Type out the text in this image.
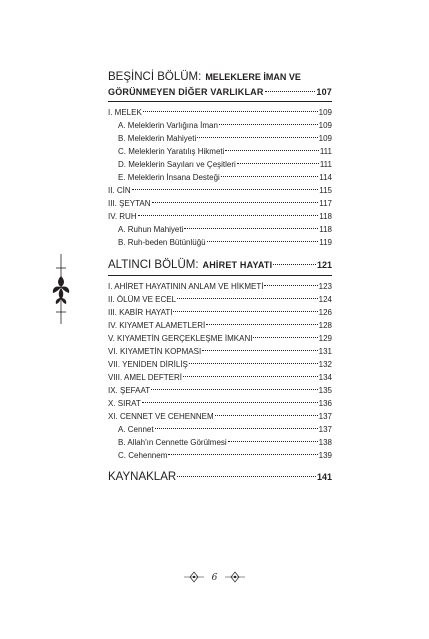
BEŞİNCİ BÖLÜM: MELEKLERE İMAN VE
GÖRÜNMEYEN DİĞER VARLIKLAR	107
I. MELEK	109
A. Meleklerin Varlığına İman	109
B. Meleklerin Mahiyeti	109
C. Meleklerin Yaratılış Hikmeti	111
D. Meleklerin Sayıları ve Çeşitleri	111
E. Meleklerin İnsana Desteği	114
II. CİN	115
III. ŞEYTAN	117
IV. RUH	118
A. Ruhun Mahiyeti	118
B. Ruh-beden Bütünlüğü	119
ALTINCI BÖLÜM: AHİRET HAYATI	121
I. AHİRET HAYATININ ANLAM VE HİKMETİ	123
II. ÖLÜM VE ECEL	124
III. KABİR HAYATI	126
IV. KIYAMET ALAMETLERİ	128
V. KIYAMETİN GERÇEKLEŞME İMKANI	129
VI. KIYAMETİN KOPMASI	131
VII. YENİDEN DİRİLİŞ	132
VIII. AMEL DEFTERİ	134
IX. ŞEFAAT	135
X. SIRAT	136
XI. CENNET VE CEHENNEM	137
A. Cennet	137
B. Allah'ın Cennette Görülmesi	138
C. Cehennem	139
KAYNAKLAR	141
6
